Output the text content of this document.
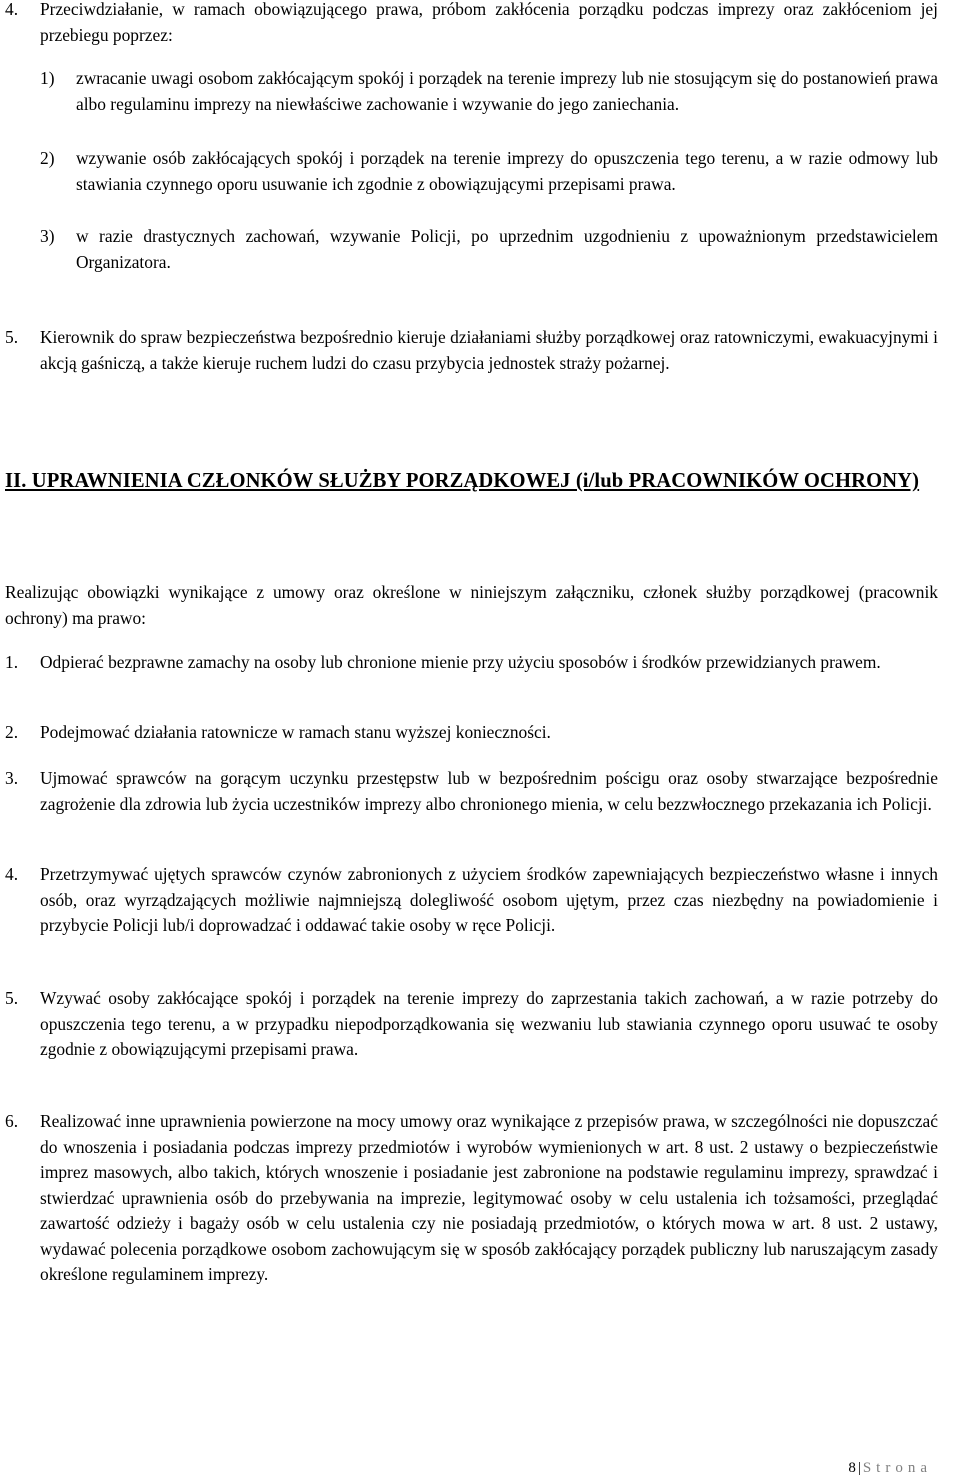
4.	Przeciwdziałanie, w ramach obowiązującego prawa, próbom zakłócenia porządku podczas imprezy oraz zakłóceniom jej przebiegu poprzez:
1)	zwracanie uwagi osobom zakłócającym spokój i porządek na terenie imprezy lub nie stosującym się do postanowień prawa albo regulaminu imprezy na niewłaściwe zachowanie i wzywanie do jego zaniechania.
2)	wzywanie osób zakłócających spokój i porządek na terenie imprezy do opuszczenia tego terenu, a w razie odmowy lub stawiania czynnego oporu usuwanie ich zgodnie z obowiązującymi przepisami prawa.
3)	w razie drastycznych zachowań, wzywanie Policji, po uprzednim uzgodnieniu z upoważnionym przedstawicielem Organizatora.
5.	Kierownik do spraw bezpieczeństwa bezpośrednio kieruje działaniami służby porządkowej oraz ratowniczymi, ewakuacyjnymi i akcją gaśniczą, a także kieruje ruchem ludzi do czasu przybycia jednostek straży pożarnej.
II. UPRAWNIENIA CZŁONKÓW SŁUŻBY PORZĄDKOWEJ (i/lub PRACOWNIKÓW OCHRONY)

Realizując obowiązki wynikające z umowy oraz określone w niniejszym załączniku, członek służby porządkowej (pracownik ochrony) ma prawo:

1.	Odpierać bezprawne zamachy na osoby lub chronione mienie przy użyciu sposobów i środków przewidzianych prawem.
2.	Podejmować działania ratownicze w ramach stanu wyższej konieczności.
3.	Ujmować sprawców na gorącym uczynku przestępstw lub w bezpośrednim pościgu oraz osoby stwarzające bezpośrednie zagrożenie dla zdrowia lub życia uczestników imprezy albo chronionego mienia, w celu bezzwłocznego przekazania ich Policji.
4.	Przetrzymywać ujętych sprawców czynów zabronionych z użyciem środków zapewniających bezpieczeństwo własne i innych osób, oraz wyrządzających możliwie najmniejszą dolegliwość osobom ujętym, przez czas niezbędny na powiadomienie i przybycie Policji lub/i doprowadzać i oddawać takie osoby w ręce Policji.
5.	Wzywać osoby zakłócające spokój i porządek na terenie imprezy do zaprzestania takich zachowań, a w razie potrzeby do opuszczenia tego terenu, a w przypadku niepodporządkowania się wezwaniu lub stawiania czynnego oporu usuwać te osoby zgodnie z obowiązującymi przepisami prawa.
6.	Realizować inne uprawnienia powierzone na mocy umowy oraz wynikające z przepisów prawa, w szczególności nie dopuszczać do wnoszenia i posiadania podczas imprezy przedmiotów i wyrobów wymienionych w art. 8 ust. 2 ustawy o bezpieczeństwie imprez masowych, albo takich, których wnoszenie i posiadanie jest zabronione na podstawie regulaminu imprezy, sprawdzać i stwierdzać uprawnienia osób do przebywania na imprezie, legitymować osoby w celu ustalenia ich tożsamości, przeglądać zawartość odzieży i bagaży osób w celu ustalenia czy nie posiadają przedmiotów, o których mowa w art. 8 ust. 2 ustawy, wydawać polecenia porządkowe osobom zachowującym się w sposób zakłócający porządek publiczny lub naruszającym zasady określone regulaminem imprezy.
8 | Strona
